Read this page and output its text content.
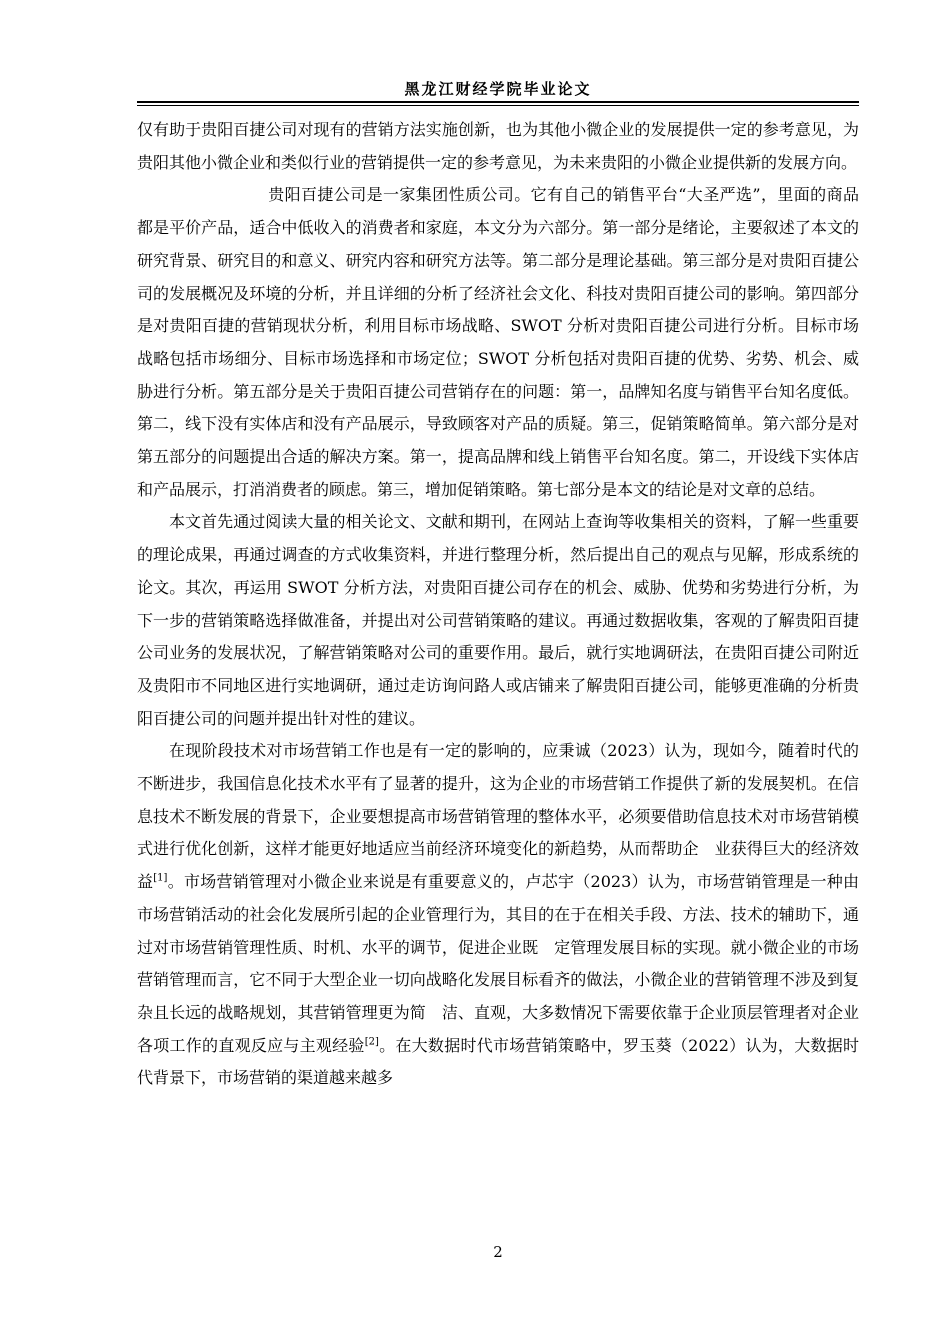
黑龙江财经学院毕业论文

仅有助于贵阳百捷公司对现有的营销方法实施创新，也为其他小微企业的发展提供一定的参考意见，为贵阳其他小微企业和类似行业的营销提供一定的参考意见，为未来贵阳的小微企业提供新的发展方向。

贵阳百捷公司是一家集团性质公司。它有自己的销售平台“大圣严选”，里面的商品都是平价产品，适合中低收入的消费者和家庭，本文分为六部分。第一部分是绪论，主要叙述了本文的研究背景、研究目的和意义、研究内容和研究方法等。第二部分是理论基础。第三部分是对贵阳百捷公司的发展概况及环境的分析，并且详细的分析了经济社会文化、科技对贵阳百捷公司的影响。第四部分是对贵阳百捷的营销现状分析，利用目标市场战略、SWOT 分析对贵阳百捷公司进行分析。目标市场战略包括市场细分、目标市场选择和市场定位；SWOT 分析包括对贵阳百捷的优势、劣势、机会、威胁进行分析。第五部分是关于贵阳百捷公司营销存在的问题：第一，品牌知名度与销售平台知名度低。第二，线下没有实体店和没有产品展示，导致顾客对产品的质疑。第三，促销策略简单。第六部分是对第五部分的问题提出合适的解决方案。第一，提高品牌和线上销售平台知名度。第二，开设线下实体店和产品展示，打消消费者的顾虑。第三，增加促销策略。第七部分是本文的结论是对文章的总结。

本文首先通过阅读大量的相关论文、文献和期刊，在网站上查询等收集相关的资料，了解一些重要的理论成果，再通过调查的方式收集资料，并进行整理分析，然后提出自己的观点与见解，形成系统的论文。其次，再运用 SWOT 分析方法，对贵阳百捷公司存在的机会、威胁、优势和劣势进行分析，为下一步的营销策略选择做准备，并提出对公司营销策略的建议。再通过数据收集，客观的了解贵阳百捷公司业务的发展状况，了解营销策略对公司的重要作用。最后，就行实地调研法，在贵阳百捷公司附近及贵阳市不同地区进行实地调研，通过走访询问路人或店铺来了解贵阳百捷公司，能够更准确的分析贵阳百捷公司的问题并提出针对性的建议。

在现阶段技术对市场营销工作也是有一定的影响的，应秉诚（2023）认为，现如今，随着时代的不断进步，我国信息化技术水平有了显著的提升，这为企业的市场营销工作提供了新的发展契机。在信息技术不断发展的背景下，企业要想提高市场营销管理的整体水平，必须要借助信息技术对市场营销模式进行优化创新，这样才能更好地适应当前经济环境变化的新趋势，从而帮助企　业获得巨大的经济效益[1]。市场营销管理对小微企业来说是有重要意义的，卢芯宇（2023）认为，市场营销管理是一种由市场营销活动的社会化发展所引起的企业管理行为，其目的在于在相关手段、方法、技术的辅助下，通过对市场营销管理性质、时机、水平的调节，促进企业既　定管理发展目标的实现。就小微企业的市场营销管理而言，它不同于大型企业一切向战略化发展目标看齐的做法，小微企业的营销管理不涉及到复杂且长远的战略规划，其营销管理更为简　洁、直观，大多数情况下需要依靠于企业顶层管理者对企业各项工作的直观反应与主观经验[2]。在大数据时代市场营销策略中，罗玉葵（2022）认为，大数据时代背景下，市场营销的渠道越来越多

2
